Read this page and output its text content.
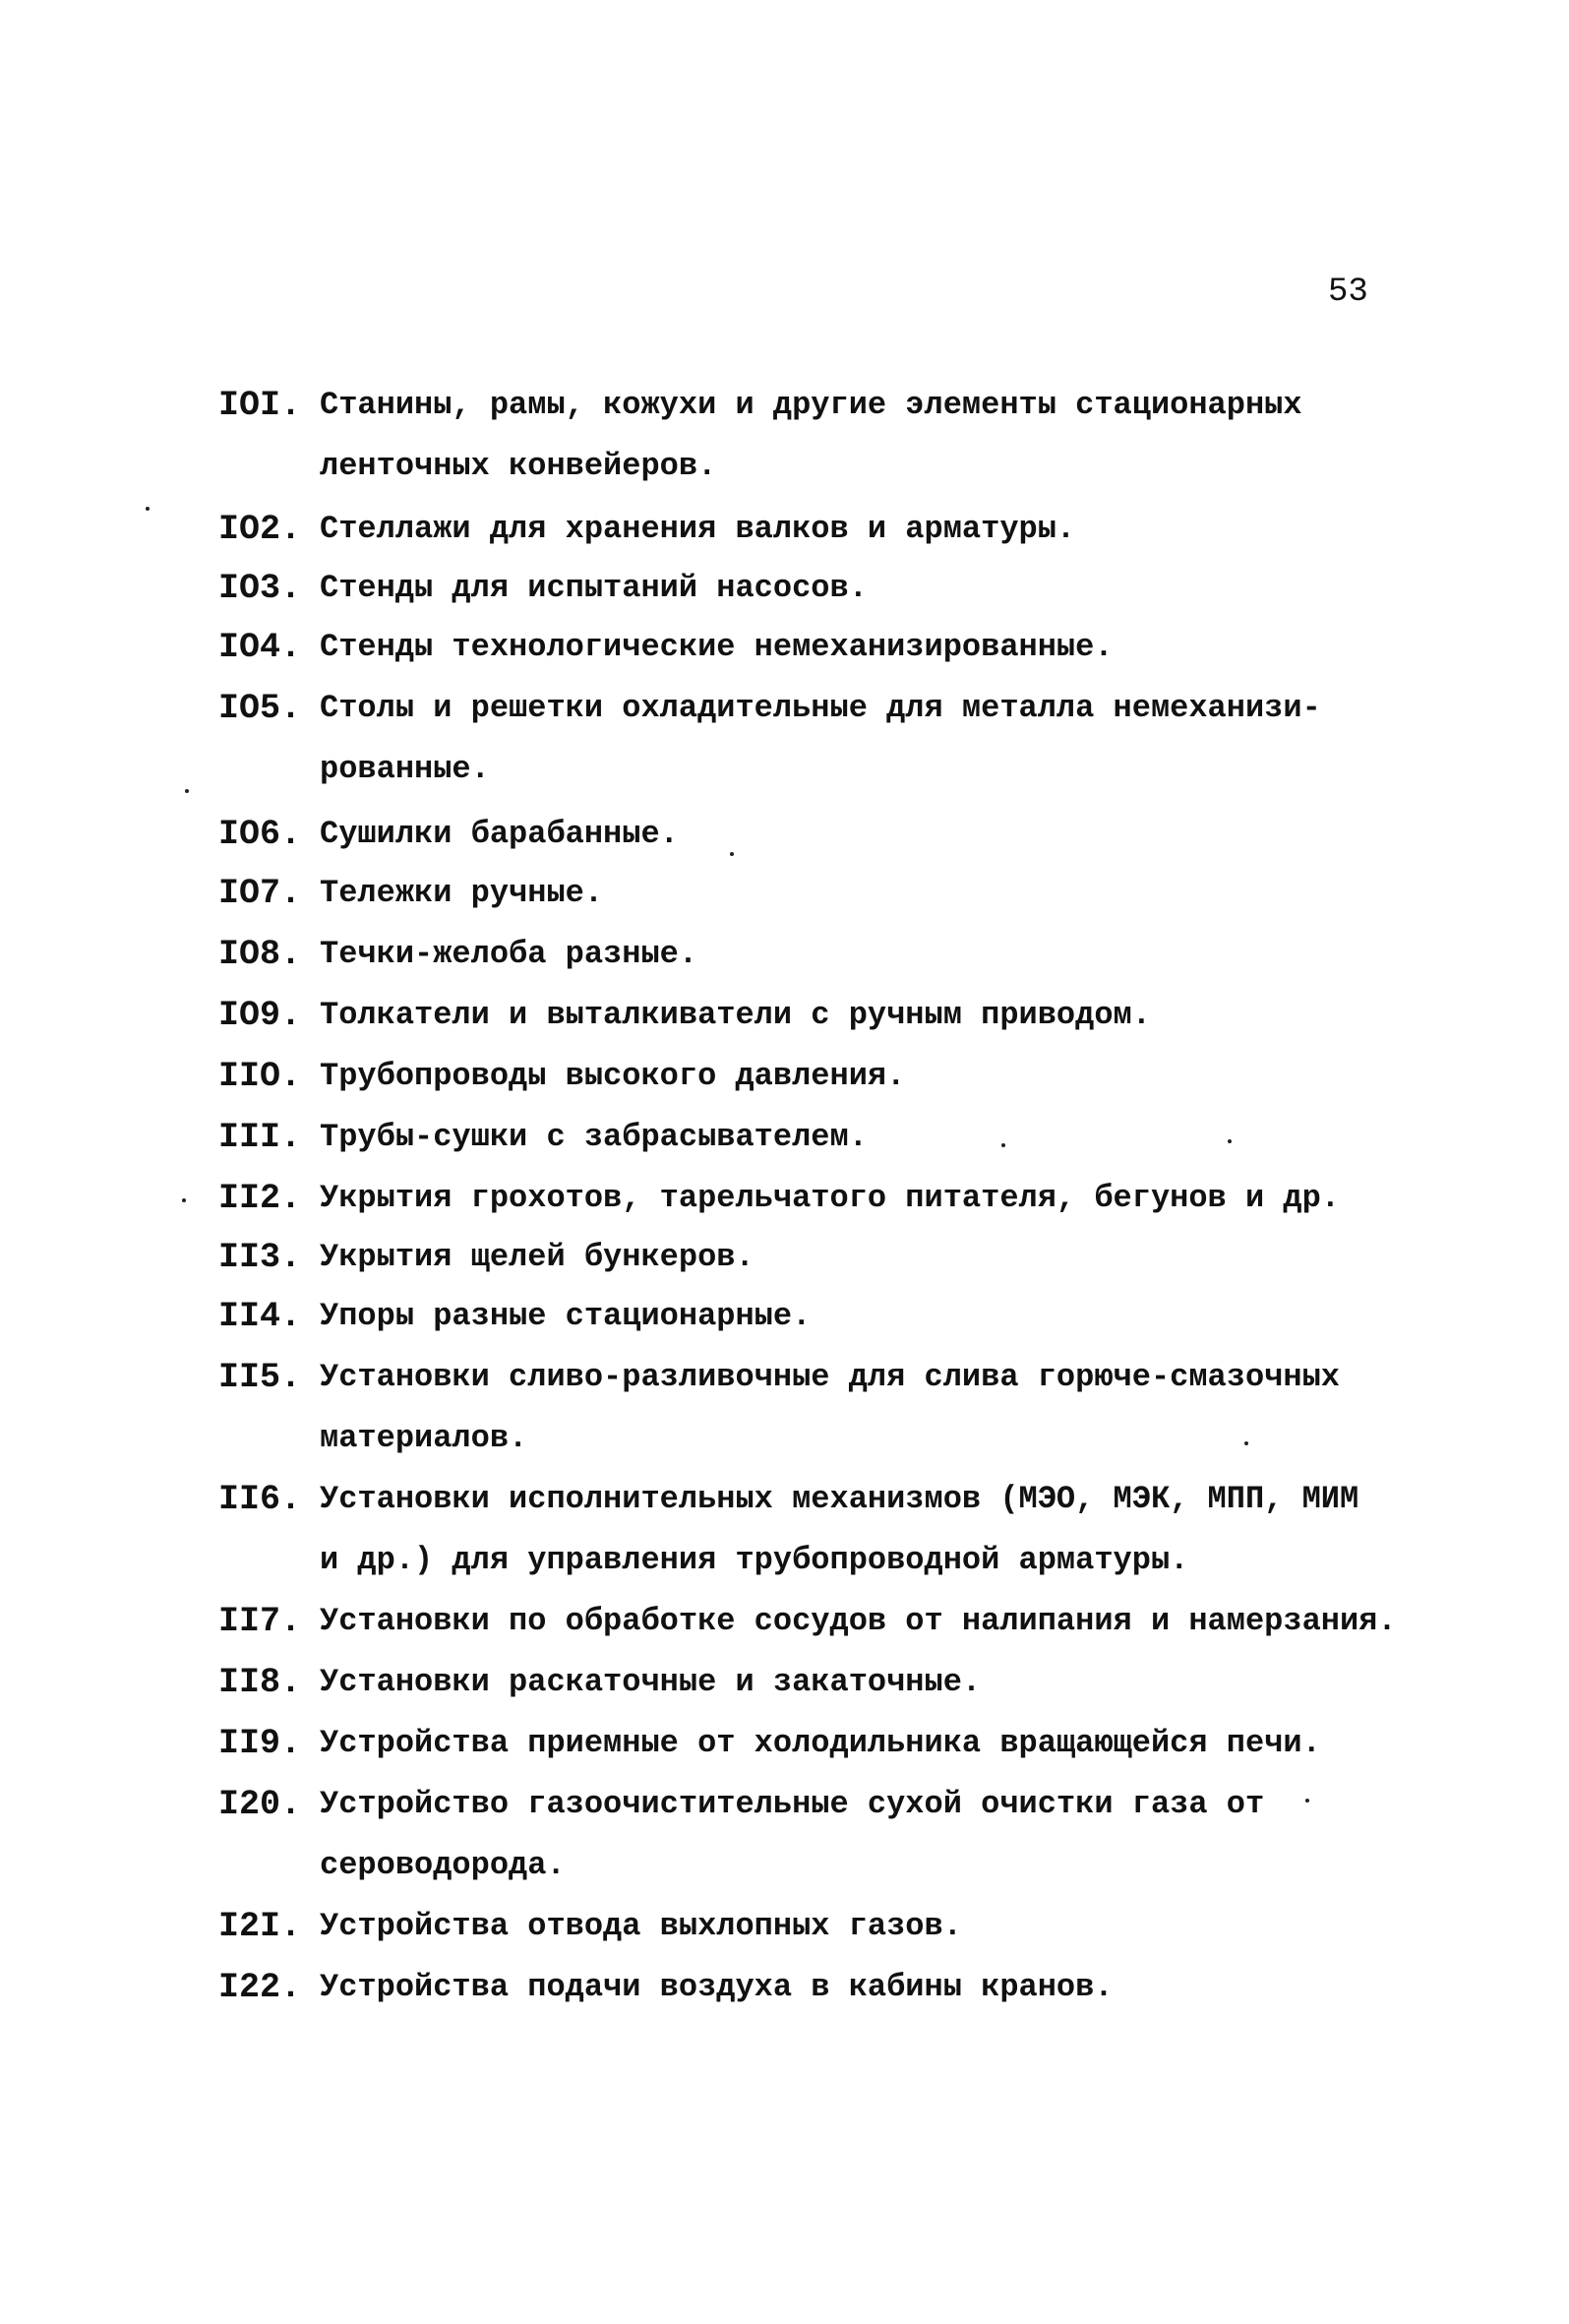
53
IOI. Станины, рамы, кожухи и другие элементы стационарных
ленточных конвейеров.
IO2. Стеллажи для хранения валков и арматуры.
IO3. Стенды для испытаний насосов.
IO4. Стенды технологические немеханизированные.
IO5. Столы и решетки охладительные для металла немеханизи-
рованные.
IO6. Сушилки барабанные.
IO7. Тележки ручные.
IO8. Течки-желоба разные.
IO9. Толкатели и выталкиватели с ручным приводом.
IIO. Трубопроводы высокого давления.
III. Трубы-сушки с забрасывателем.
II2. Укрытия грохотов, тарельчатого питателя, бегунов и др.
II3. Укрытия щелей бункеров.
II4. Упоры разные стационарные.
II5. Установки сливо-разливочные для слива горюче-смазочных
материалов.
II6. Установки исполнительных механизмов (МЭО, МЭК, МПП, МИМ
и др.) для управления трубопроводной арматуры.
II7. Установки по обработке сосудов от налипания и намерзания.
II8. Установки раскаточные и закаточные.
II9. Устройства приемные от холодильника вращающейся печи.
I20. Устройство газоочистительные сухой очистки газа от
сероводорода.
I2I. Устройства отвода выхлопных газов.
I22. Устройства подачи воздуха в кабины кранов.
